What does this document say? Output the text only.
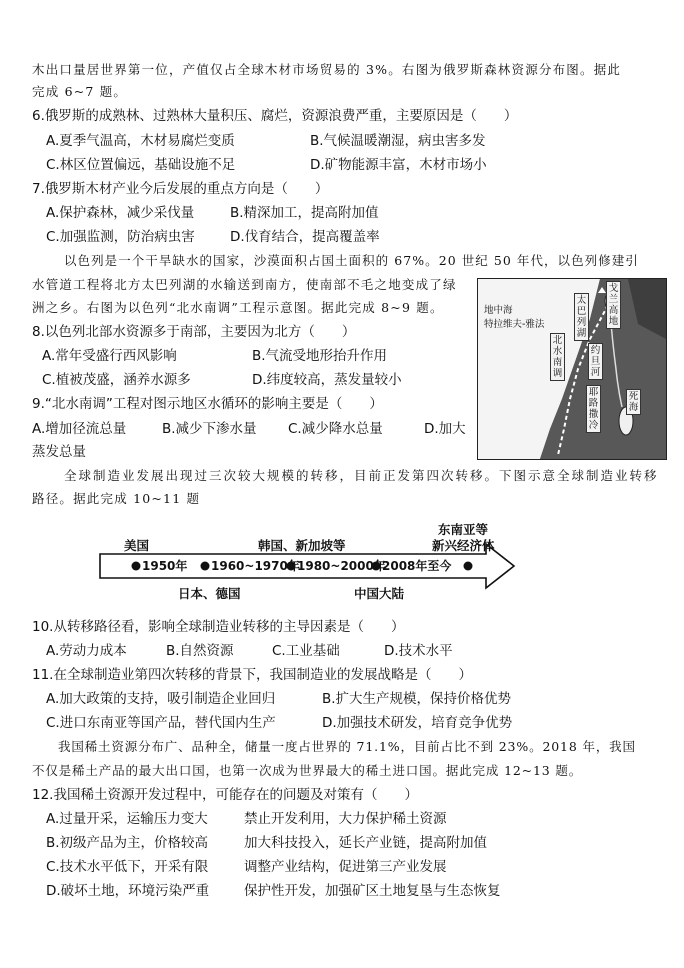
木出口量居世界第一位，产值仅占全球木材市场贸易的 3%。右图为俄罗斯森林资源分布图。据此
完成 6~7 题。
6.俄罗斯的成熟林、过熟林大量积压、腐烂，资源浪费严重，主要原因是（　　）
A.夏季气温高，木材易腐烂变质	B.气候温暖潮湿，病虫害多发
C.林区位置偏远，基础设施不足	D.矿物能源丰富，木材市场小
7.俄罗斯木材产业今后发展的重点方向是（　　）
A.保护森林，减少采伐量	B.精深加工，提高附加值
C.加强监测，防治病虫害	D.伐育结合，提高覆盖率
以色列是一个干旱缺水的国家，沙漠面积占国土面积的 67%。20 世纪 50 年代，以色列修建引
水管道工程将北方太巴列湖的水输送到南方，使南部不毛之地变成了绿
洲之乡。右图为以色列“北水南调”工程示意图。据此完成 8~9 题。	地中海
特拉维夫-雅法
戈兰高地
太巴列湖
北水南调
约旦河
死海
耶路撒冷
8.以色列北部水资源多于南部，主要因为北方（　　）
A.常年受盛行西风影响	B.气流受地形抬升作用
C.植被茂盛，涵养水源多	D.纬度较高，蒸发量较小
9.“北水南调”工程对图示地区水循环的影响主要是（　　）
A.增加径流总量	B.减少下渗水量 C.减少降水总量	D.加大
蒸发总量
全球制造业发展出现过三次较大规模的转移，目前正发第四次转移。下图示意全球制造业转移
路径。据此完成 10~11 题
美国	韩国、新加坡等
东南亚等
新兴经济体
1950年 1960~1970年
1980~2000年
2008年至今
日本、德国	中国大陆
10.从转移路径看，影响全球制造业转移的主导因素是（　　）
A.劳动力成本	B.自然资源	C.工业基础	D.技术水平
11.在全球制造业第四次转移的背景下，我国制造业的发展战略是（　　）
A.加大政策的支持，吸引制造企业回归	B.扩大生产规模，保持价格优势
C.进口东南亚等国产品，替代国内生产	D.加强技术研发，培育竞争优势
我国稀土资源分布广、品种全，储量一度占世界的 71.1%，目前占比不到 23%。2018 年，我国
不仅是稀土产品的最大出口国，也第一次成为世界最大的稀土进口国。据此完成 12~13 题。
12.我国稀土资源开发过程中，可能存在的问题及对策有（　　）
A.过量开采，运输压力变大	禁止开发利用，大力保护稀土资源
B.初级产品为主，价格较高	加大科技投入，延长产业链，提高附加值
C.技术水平低下，开采有限	调整产业结构，促进第三产业发展
D.破坏土地，环境污染严重	保护性开发，加强矿区土地复垦与生态恢复
